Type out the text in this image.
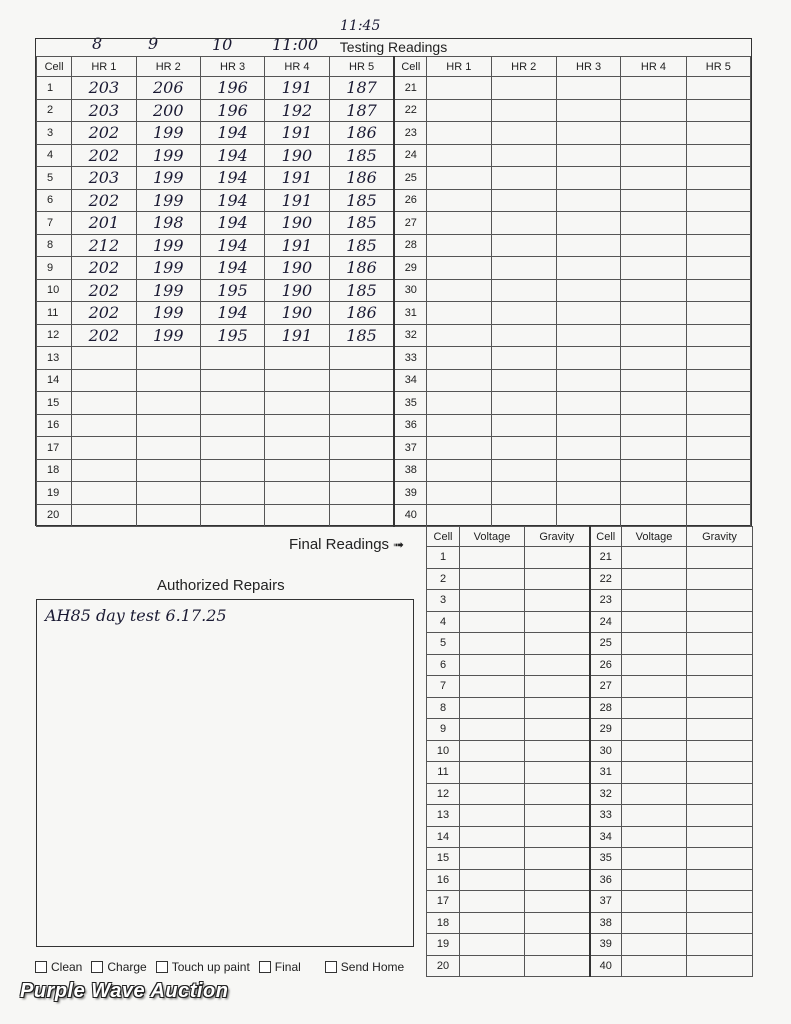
8	9	10 11:00
11:45
Testing Readings
Cell	HR 1	HR 2	HR 3	HR 4	HR 5	Cell	HR 1	HR 2	HR 3	HR 4	HR 5
1	203	206	196	191	187	21					
2	203	200	196	192	187	22					
3	202	199	194	191	186	23					
4	202	199	194	190	185	24					
5	203	199	194	191	186	25					
6	202	199	194	191	185	26					
7	201	198	194	190	185	27					
8	212	199	194	191	185	28					
9	202	199	194	190	186	29					
10	202	199	195	190	185	30					
11	202	199	194	190	186	31					
12	202	199	195	191	185	32					
13						33					
14						34					
15						35					
16						36					
17						37					
18						38					
19						39					
20						40					
Final Readings ➟
Cell	Voltage	Gravity	Cell	Voltage	Gravity
1			21		
2			22		
3			23		
4			24		
5			25		
6			26		
7			27		
8			28		
9			29		
10			30		
11			31		
12			32		
13			33		
14			34		
15			35		
16			36		
17			37		
18			38		
19			39		
20			40		
Authorized Repairs
AH85 day test 6.17.25
Clean Charge Touch up paint Final	Send Home
Purple Wave Auction
